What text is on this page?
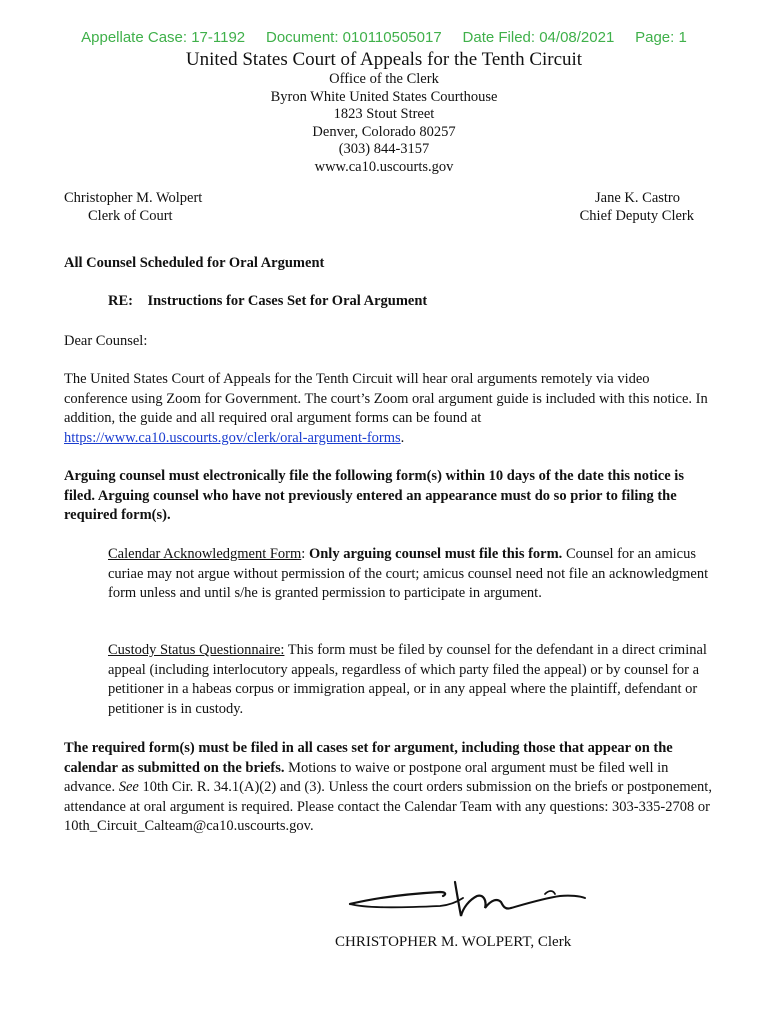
Appellate Case: 17-1192     Document: 010110505017     Date Filed: 04/08/2021     Page: 1
United States Court of Appeals for the Tenth Circuit
Office of the Clerk
Byron White United States Courthouse
1823 Stout Street
Denver, Colorado 80257
(303) 844-3157
www.ca10.uscourts.gov
Christopher M. Wolpert
Clerk of Court
Jane K. Castro
Chief Deputy Clerk
All Counsel Scheduled for Oral Argument
RE:    Instructions for Cases Set for Oral Argument
Dear Counsel:
The United States Court of Appeals for the Tenth Circuit will hear oral arguments remotely via video conference using Zoom for Government. The court’s Zoom oral argument guide is included with this notice. In addition, the guide and all required oral argument forms can be found at https://www.ca10.uscourts.gov/clerk/oral-argument-forms.
Arguing counsel must electronically file the following form(s) within 10 days of the date this notice is filed. Arguing counsel who have not previously entered an appearance must do so prior to filing the required form(s).
Calendar Acknowledgment Form: Only arguing counsel must file this form. Counsel for an amicus curiae may not argue without permission of the court; amicus counsel need not file an acknowledgment form unless and until s/he is granted permission to participate in argument.
Custody Status Questionnaire: This form must be filed by counsel for the defendant in a direct criminal appeal (including interlocutory appeals, regardless of which party filed the appeal) or by counsel for a petitioner in a habeas corpus or immigration appeal, or in any appeal where the plaintiff, defendant or petitioner is in custody.
The required form(s) must be filed in all cases set for argument, including those that appear on the calendar as submitted on the briefs. Motions to waive or postpone oral argument must be filed well in advance. See 10th Cir. R. 34.1(A)(2) and (3). Unless the court orders submission on the briefs or postponement, attendance at oral argument is required. Please contact the Calendar Team with any questions: 303-335-2708 or 10th_Circuit_Calteam@ca10.uscourts.gov.
CHRISTOPHER M. WOLPERT, Clerk
